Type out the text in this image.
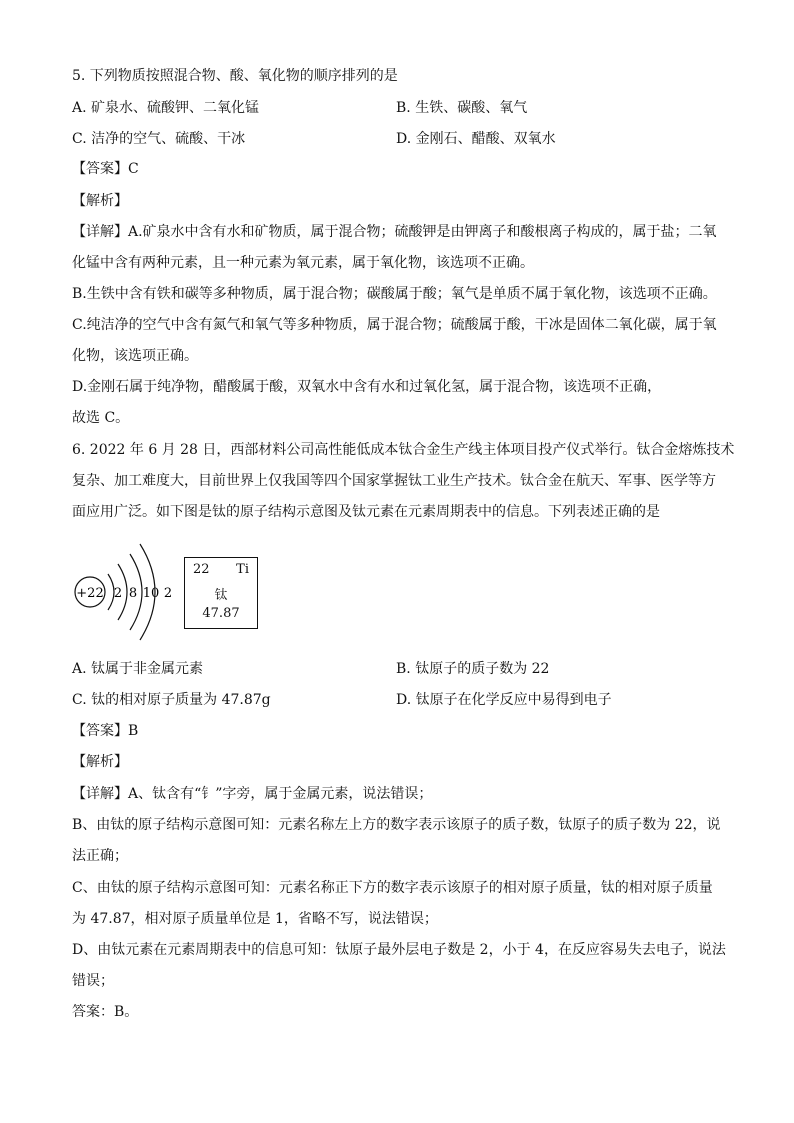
5. 下列物质按照混合物、酸、氧化物的顺序排列的是
A. 矿泉水、硫酸钾、二氧化锰	B. 生铁、碳酸、氧气
C. 洁净的空气、硫酸、干冰	D. 金刚石、醋酸、双氧水
【答案】C
【解析】
【详解】A.矿泉水中含有水和矿物质，属于混合物；硫酸钾是由钾离子和酸根离子构成的，属于盐；二氧
化锰中含有两种元素，且一种元素为氧元素，属于氧化物，该选项不正确。
B.生铁中含有铁和碳等多种物质，属于混合物；碳酸属于酸；氧气是单质不属于氧化物，该选项不正确。
C.纯洁净的空气中含有氮气和氧气等多种物质，属于混合物；硫酸属于酸，干冰是固体二氧化碳，属于氧
化物，该选项正确。
D.金刚石属于纯净物，醋酸属于酸，双氧水中含有水和过氧化氢，属于混合物，该选项不正确，
故选 C。
6. 2022 年 6 月 28 日，西部材料公司高性能低成本钛合金生产线主体项目投产仪式举行。钛合金熔炼技术
复杂、加工难度大，目前世界上仅我国等四个国家掌握钛工业生产技术。钛合金在航天、军事、医学等方
面应用广泛。如下图是钛的原子结构示意图及钛元素在元素周期表中的信息。下列表述正确的是
+22 2 8 10 2
22 Ti
钛
47.87
A. 钛属于非金属元素	B. 钛原子的质子数为 22
C. 钛的相对原子质量为 47.87g	D. 钛原子在化学反应中易得到电子
【答案】B
【解析】
【详解】A、钛含有“钅”字旁，属于金属元素，说法错误；
B、由钛的原子结构示意图可知：元素名称左上方的数字表示该原子的质子数，钛原子的质子数为 22，说
法正确；
C、由钛的原子结构示意图可知：元素名称正下方的数字表示该原子的相对原子质量，钛的相对原子质量
为 47.87，相对原子质量单位是 1，省略不写，说法错误；
D、由钛元素在元素周期表中的信息可知：钛原子最外层电子数是 2，小于 4，在反应容易失去电子，说法
错误；
答案：B。
